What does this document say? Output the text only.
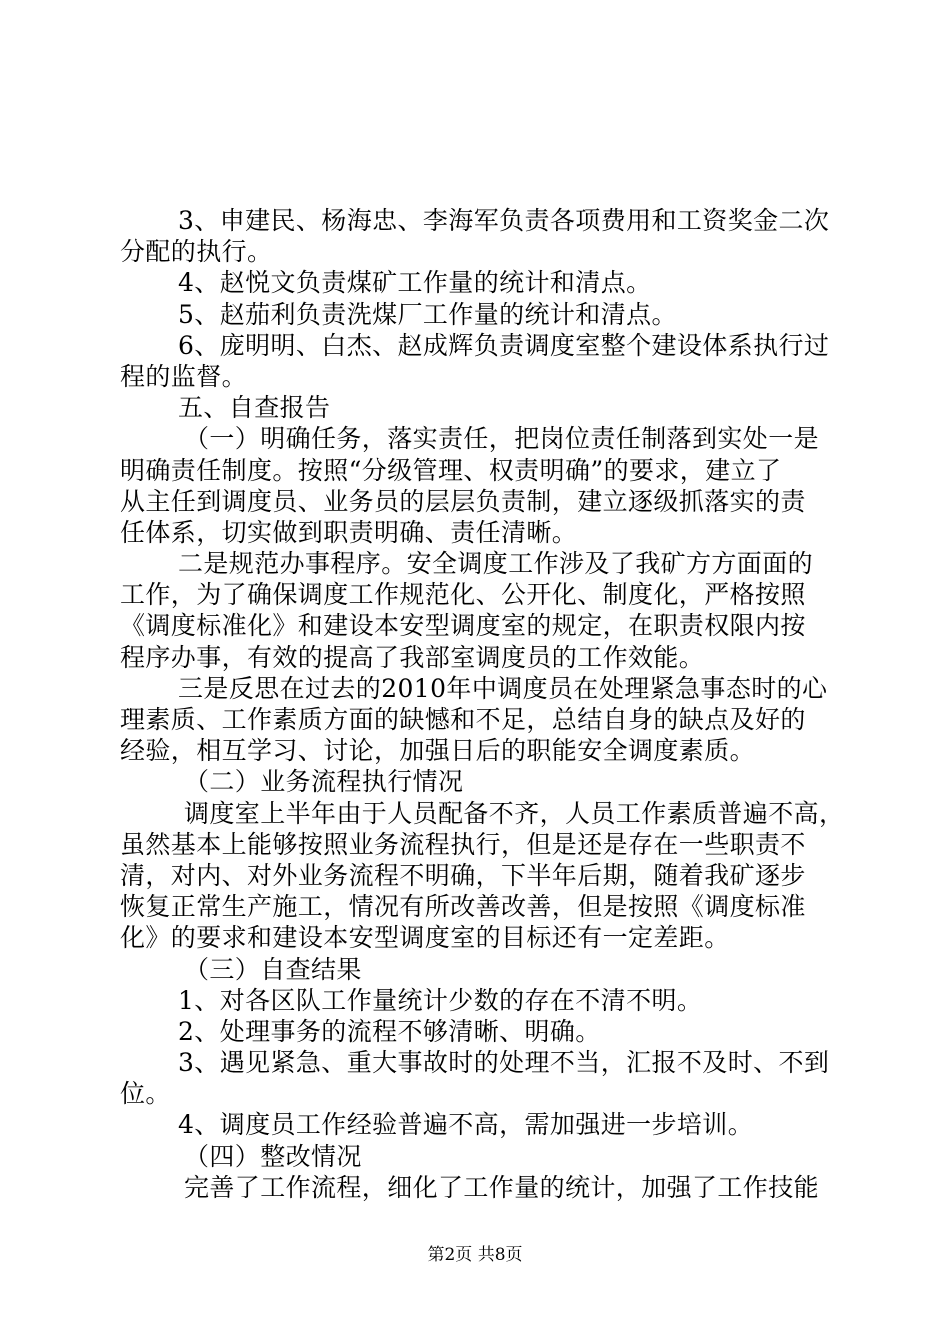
3、申建民、杨海忠、李海军负责各项费用和工资奖金二次
分配的执行。
4、赵悦文负责煤矿工作量的统计和清点。
5、赵茄利负责洗煤厂工作量的统计和清点。
6、庞明明、白杰、赵成辉负责调度室整个建设体系执行过
程的监督。
五、自查报告
（一）明确任务，落实责任，把岗位责任制落到实处一是
明确责任制度。按照“分级管理、权责明确”的要求，建立了
从主任到调度员、业务员的层层负责制，建立逐级抓落实的责
任体系，切实做到职责明确、责任清晰。
二是规范办事程序。安全调度工作涉及了我矿方方面面的
工作，为了确保调度工作规范化、公开化、制度化，严格按照
《调度标准化》和建设本安型调度室的规定，在职责权限内按
程序办事，有效的提高了我部室调度员的工作效能。
三是反思在过去的2010年中调度员在处理紧急事态时的心
理素质、工作素质方面的缺憾和不足，总结自身的缺点及好的
经验，相互学习、讨论，加强日后的职能安全调度素质。
（二）业务流程执行情况
调度室上半年由于人员配备不齐，人员工作素质普遍不高，
虽然基本上能够按照业务流程执行，但是还是存在一些职责不
清，对内、对外业务流程不明确，下半年后期，随着我矿逐步
恢复正常生产施工，情况有所改善改善，但是按照《调度标准
化》的要求和建设本安型调度室的目标还有一定差距。
（三）自查结果
1、对各区队工作量统计少数的存在不清不明。
2、处理事务的流程不够清晰、明确。
3、遇见紧急、重大事故时的处理不当，汇报不及时、不到
位。
4、调度员工作经验普遍不高，需加强进一步培训。
（四）整改情况
完善了工作流程，细化了工作量的统计，加强了工作技能
第2页 共8页
